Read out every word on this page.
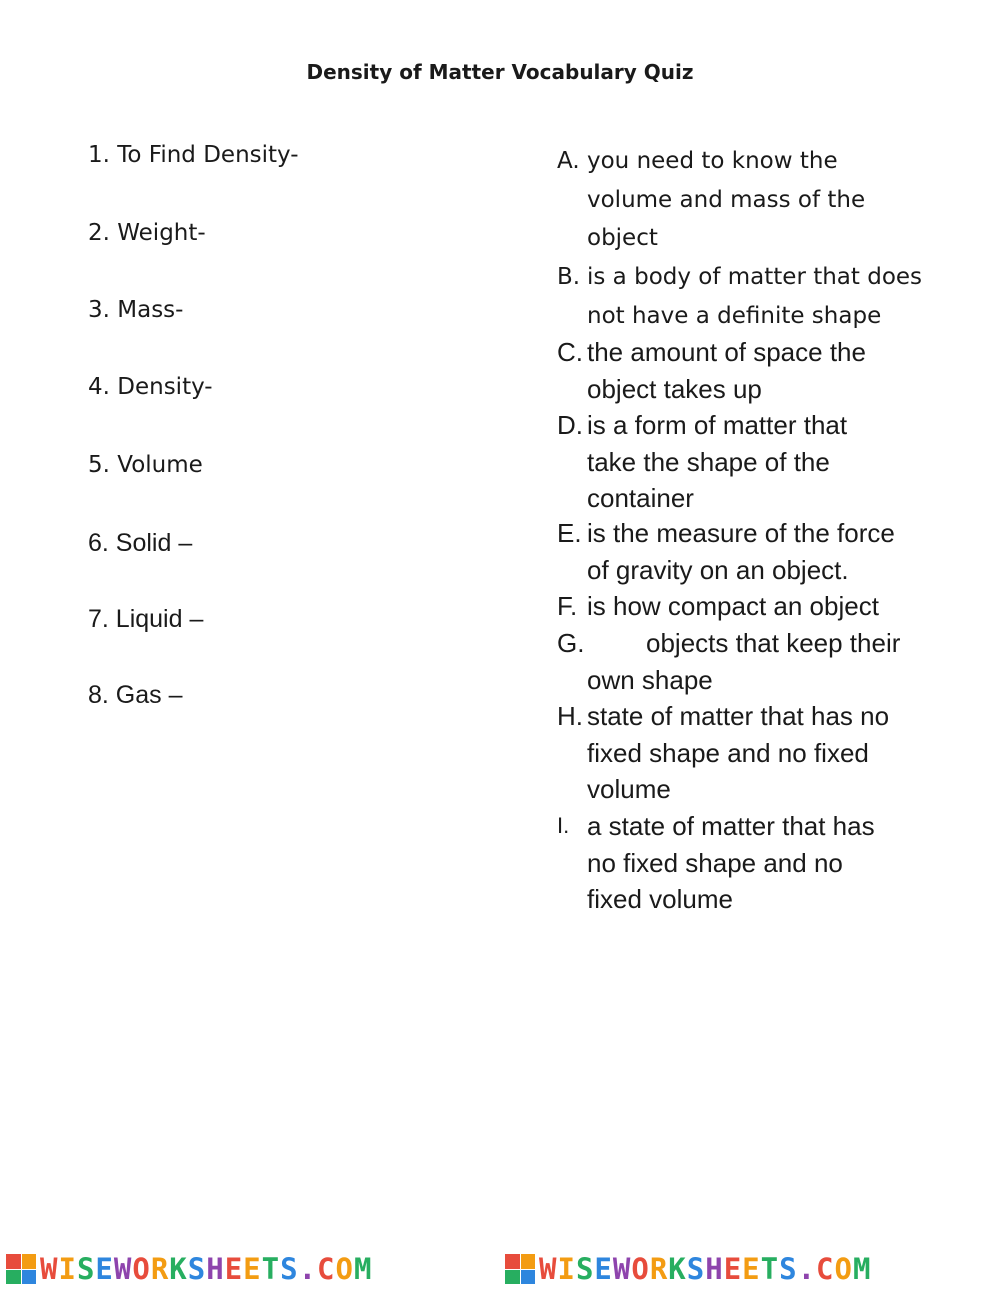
Density of Matter Vocabulary Quiz
1. To Find Density-
2. Weight-
3. Mass-
4. Density-
5. Volume
6. Solid –
7. Liquid –
8. Gas –
A. you need to know the
volume and mass of the
object
B. is a body of matter that does
not have a definite shape
C. the amount of space the
object takes up
D. is a form of matter that
take the shape of the
container
E. is the measure of the force
of gravity on an object.
F. is how compact an object
G. objects that keep their
own shape
H. state of matter that has no
fixed shape and no fixed
volume
I. a state of matter that has
no fixed shape and no
fixed volume
WISEWORKSHEETS.COM	WISEWORKSHEETS.COM
